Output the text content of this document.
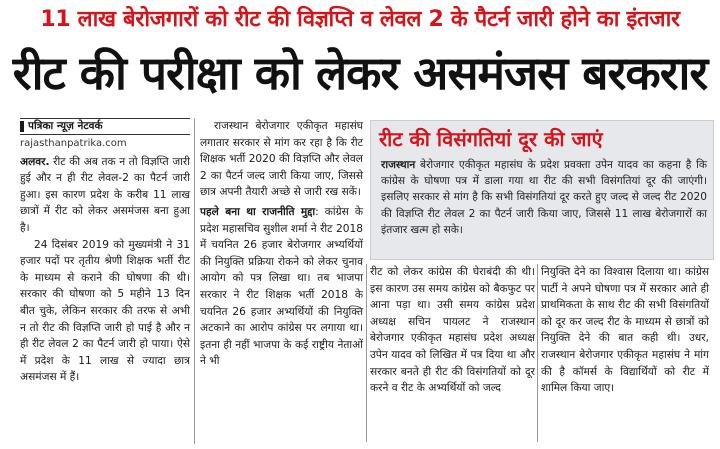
11 लाख बेरोजगारों को रीट की विज्ञप्ति व लेवल 2 के पैटर्न जारी होने का इंतजार
रीट की परीक्षा को लेकर असमंजस बरकरार
पत्रिका न्यूज़ नेटवर्क
rajasthanpatrika.com

अलवर. रीट की अब तक न तो विज्ञप्ति जारी हुई और न ही रीट लेवल-2 का पैटर्न जारी हुआ। इस कारण प्रदेश के करीब 11 लाख छात्रों में रीट को लेकर असमंजस बना हुआ है।

24 दिसंबर 2019 को मुख्यमंत्री ने 31 हजार पदों पर तृतीय श्रेणी शिक्षक भर्ती रीट के माध्यम से कराने की घोषणा की थी। सरकार की घोषणा को 5 महीने 13 दिन बीत चुके, लेकिन सरकार की तरफ से अभी न तो रीट की विज्ञप्ति जारी हो पाई है और न ही रीट लेवल 2 का पैटर्न जारी हो पाया। ऐसे में प्रदेश के 11 लाख से ज्यादा छात्र असमंजस में हैं।

राजस्थान बेरोजगार एकीकृत महासंघ लगातार सरकार से मांग कर रहा है कि रीट शिक्षक भर्ती 2020 की विज्ञप्ति और लेवल 2 का पैटर्न जल्द जारी किया जाए, जिससे छात्र अपनी तैयारी अच्छे से जारी रख सकें।

पहले बना था राजनीति मुद्दा: कांग्रेस के प्रदेश महासचिव सुशील शर्मा ने रीट 2018 में चयनित 26 हजार बेरोजगार अभ्यर्थियों की नियुक्ति प्रक्रिया रोकने को लेकर चुनाव आयोग को पत्र लिखा था। तब भाजपा सरकार ने रीट शिक्षक भर्ती 2018 के चयनित 26 हजार अभ्यर्थियों की नियुक्ति अटकाने का आरोप कांग्रेस पर लगाया था। इतना ही नहीं भाजपा के कई राष्ट्रीय नेताओं ने भी

रीट की विसंगतियां दूर की जाएं
राजस्थान बेरोजगार एकीकृत महासंघ के प्रदेश प्रवक्ता उपेन यादव का कहना है कि कांग्रेस के घोषणा पत्र में डाला गया था रीट की सभी विसंगतियां दूर की जाएंगी। इसलिए सरकार से मांग है कि सभी विसंगतियां दूर करते हुए जल्द से जल्द रीट 2020 की विज्ञप्ति रीट लेवल 2 का पैटर्न जारी किया जाए, जिससे 11 लाख बेरोजगारों का इंतजार खत्म हो सके।

रीट को लेकर कांग्रेस की घेराबंदी की थी। इस कारण उस समय कांग्रेस को बैकफुट पर आना पड़ा था। उसी समय कांग्रेस प्रदेश अध्यक्ष सचिन पायलट ने राजस्थान बेरोजगार एकीकृत महासंघ प्रदेश अध्यक्ष उपेन यादव को लिखित में पत्र दिया था और सरकार बनते ही रीट की विसंगतियों को दूर करने व रीट के अभ्यर्थियों को जल्द

नियुक्ति देने का विश्वास दिलाया था। कांग्रेस पार्टी ने अपने घोषणा पत्र में सरकार आते ही प्राथमिकता के साथ रीट की सभी विसंगतियों को दूर कर जल्द रीट के माध्यम से छात्रों को नियुक्ति देने की बात कही थी। उधर, राजस्थान बेरोजगार एकीकृत महासंघ ने मांग की है कॉमर्स के विद्यार्थियों को रीट में शामिल किया जाए।
